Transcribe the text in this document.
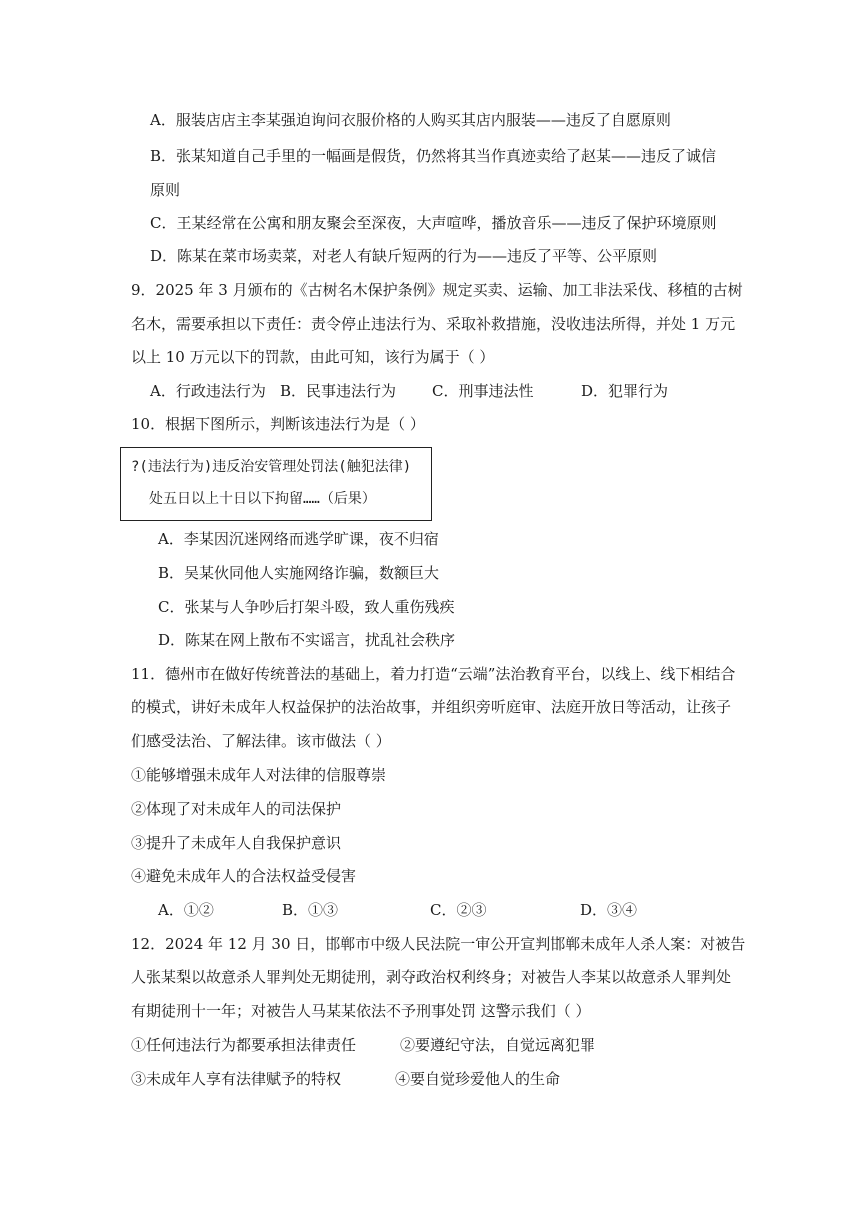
A．服装店店主李某强迫询问衣服价格的人购买其店内服装——违反了自愿原则
B．张某知道自己手里的一幅画是假货，仍然将其当作真迹卖给了赵某——违反了诚信
原则
C．王某经常在公寓和朋友聚会至深夜，大声喧哗，播放音乐——违反了保护环境原则
D．陈某在菜市场卖菜，对老人有缺斤短两的行为——违反了平等、公平原则
9．2025 年 3 月颁布的《古树名木保护条例》规定买卖、运输、加工非法采伐、移植的古树
名木，需要承担以下责任：责令停止违法行为、采取补救措施，没收违法所得，并处 1 万元
以上 10 万元以下的罚款，由此可知，该行为属于（ ）
A．行政违法行为 B．民事违法行为 C．刑事违法性	D．犯罪行为
10．根据下图所示，判断该违法行为是（ ）
?(违法行为)违反治安管理处罚法(触犯法律)
处五日以上十日以下拘留……（后果）
A．李某因沉迷网络而逃学旷课，夜不归宿
B．吴某伙同他人实施网络诈骗，数额巨大
C．张某与人争吵后打架斗殴，致人重伤残疾
D．陈某在网上散布不实谣言，扰乱社会秩序
11．德州市在做好传统普法的基础上，着力打造“云端”法治教育平台，以线上、线下相结合
的模式，讲好未成年人权益保护的法治故事，并组织旁听庭审、法庭开放日等活动，让孩子
们感受法治、了解法律。该市做法（ ）
①能够增强未成年人对法律的信服尊崇
②体现了对未成年人的司法保护
③提升了未成年人自我保护意识
④避免未成年人的合法权益受侵害
A．①②	B．①③	C．②③	D．③④
12．2024 年 12 月 30 日，邯郸市中级人民法院一审公开宣判邯郸未成年人杀人案：对被告
人张某梨以故意杀人罪判处无期徒刑，剥夺政治权利终身；对被告人李某以故意杀人罪判处
有期徒刑十一年；对被告人马某某依法不予刑事处罚 这警示我们（ ）
①任何违法行为都要承担法律责任	②要遵纪守法，自觉远离犯罪
③未成年人享有法律赋予的特权	④要自觉珍爱他人的生命
